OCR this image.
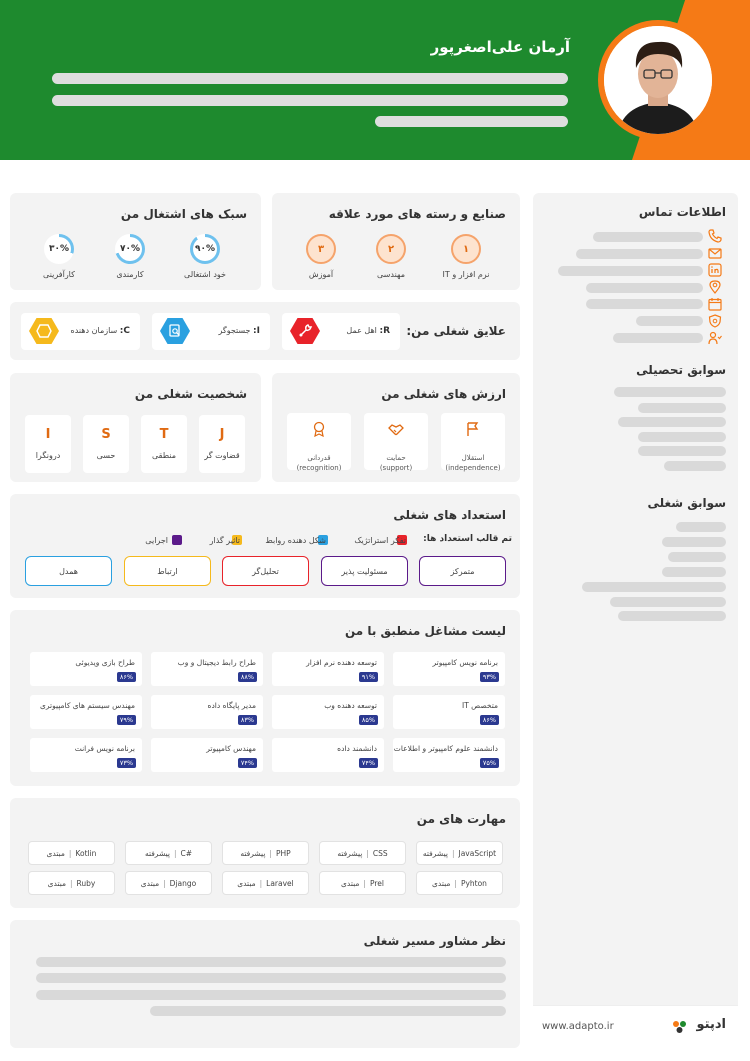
آرمان علی‌اصغرپور
اطلاعات تماس
سوابق تحصیلی
سوابق شغلی
www.adapto.ir	ادپتو
صنایع و رسته های مورد علاقه
۱
نرم افزار و IT
۲
مهندسی
۳
آموزش
سبک های اشتغال من
۹۰%
خود اشتغالی
۷۰%
کارمندی
۳۰%
کارآفرینی
علایق شغلی من:
R: اهل عمل
I: جستجوگر
C: سازمان دهنده
ارزش های شغلی من
استقلال
(independence)
حمایت
(support)
قدردانی
(recognition)
شخصیت شغلی من
J
قضاوت گر
T
منطقی
S
حسی
I
درونگرا
استعداد های شغلی
تم قالب استعداد ها:
تفکر استراتژیک
شکل دهنده روابط
تاثیر گذار
اجرایی
متمرکز
مسئولیت پذیر
تحلیل‌گر
ارتباط
همدل
لیست مشاغل منطبق با من
برنامه نویس کامپیوتر
۹۳%
توسعه دهنده نرم افزار
۹۱%
طراح رابط دیجیتال و وب
۸۸%
طراح بازی ویدیوئی
۸۶%
متخصص IT
۸۶%
توسعه دهنده وب
۸۵%
مدیر پایگاه داده
۸۳%
مهندس سیستم های کامپیوتری
۷۹%
دانشمند علوم کامپیوتر و اطلاعات
۷۵%
دانشمند داده
۷۴%
مهندس کامپیوتر
۷۴%
برنامه نویس فرانت
۷۳%
مهارت های من
پیشرفته | JavaScript
پیشرفته | CSS
پیشرفته | PHP
پیشرفته | C#
مبتدی | Kotlin
مبتدی | Pyhton
مبتدی | Prel
مبتدی | Laravel
مبتدی | Django
مبتدی | Ruby
نظر مشاور مسیر شغلی
